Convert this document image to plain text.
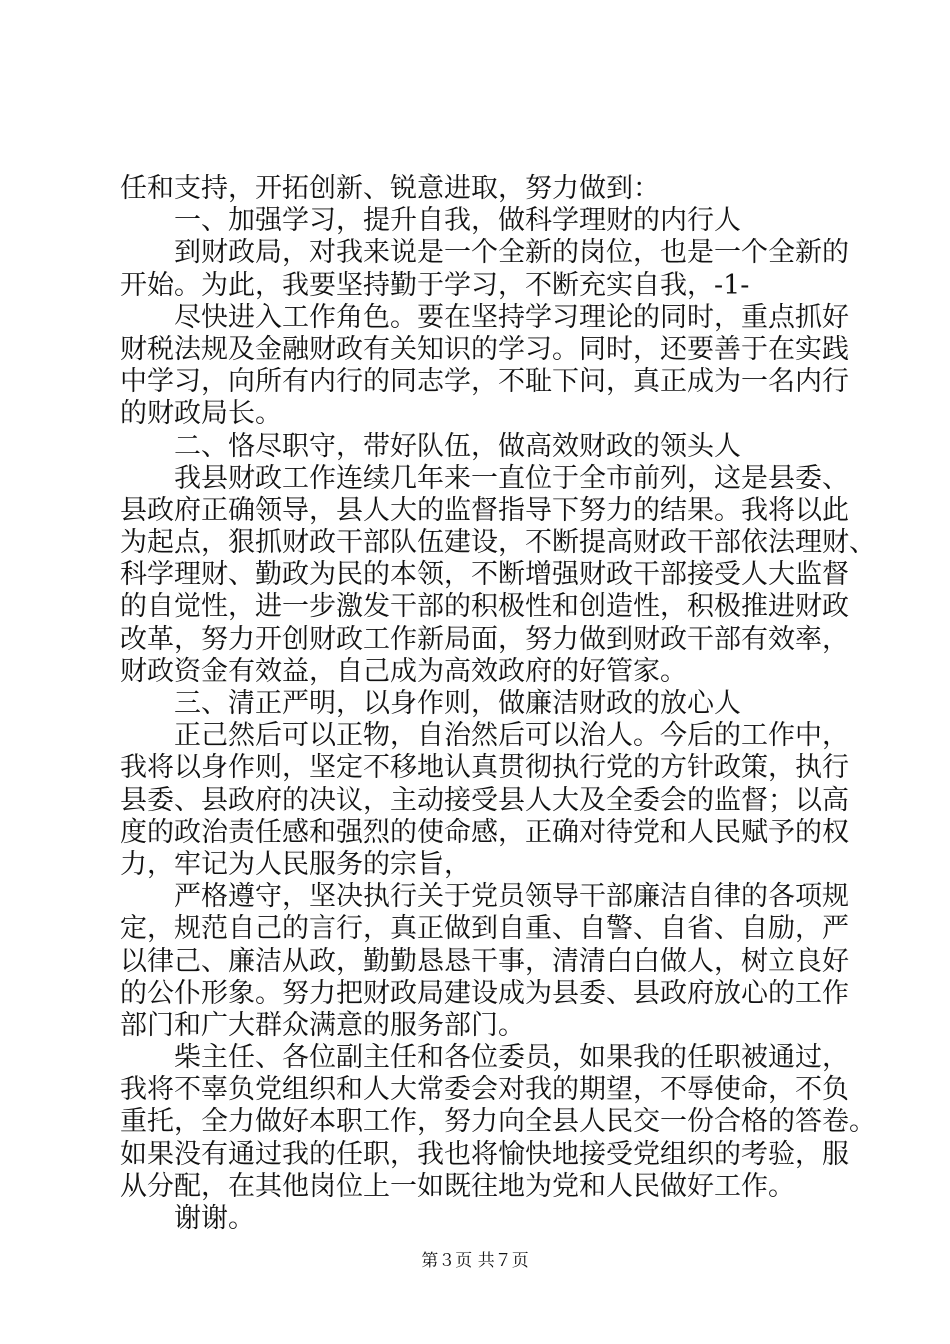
任和支持，开拓创新、锐意进取，努力做到：
　　一、加强学习，提升自我，做科学理财的内行人
　　到财政局，对我来说是一个全新的岗位，也是一个全新的
开始。为此，我要坚持勤于学习，不断充实自我，-1-
　　尽快进入工作角色。要在坚持学习理论的同时，重点抓好
财税法规及金融财政有关知识的学习。同时，还要善于在实践
中学习，向所有内行的同志学，不耻下问，真正成为一名内行
的财政局长。
　　二、恪尽职守，带好队伍，做高效财政的领头人
　　我县财政工作连续几年来一直位于全市前列，这是县委、
县政府正确领导，县人大的监督指导下努力的结果。我将以此
为起点，狠抓财政干部队伍建设，不断提高财政干部依法理财、
科学理财、勤政为民的本领，不断增强财政干部接受人大监督
的自觉性，进一步激发干部的积极性和创造性，积极推进财政
改革，努力开创财政工作新局面，努力做到财政干部有效率，
财政资金有效益，自己成为高效政府的好管家。
　　三、清正严明，以身作则，做廉洁财政的放心人
　　正己然后可以正物，自治然后可以治人。今后的工作中，
我将以身作则，坚定不移地认真贯彻执行党的方针政策，执行
县委、县政府的决议，主动接受县人大及全委会的监督；以高
度的政治责任感和强烈的使命感，正确对待党和人民赋予的权
力，牢记为人民服务的宗旨，
　　严格遵守，坚决执行关于党员领导干部廉洁自律的各项规
定，规范自己的言行，真正做到自重、自警、自省、自励，严
以律己、廉洁从政，勤勤恳恳干事，清清白白做人，树立良好
的公仆形象。努力把财政局建设成为县委、县政府放心的工作
部门和广大群众满意的服务部门。
　　柴主任、各位副主任和各位委员，如果我的任职被通过，
我将不辜负党组织和人大常委会对我的期望，不辱使命，不负
重托，全力做好本职工作，努力向全县人民交一份合格的答卷。
如果没有通过我的任职，我也将愉快地接受党组织的考验，服
从分配，在其他岗位上一如既往地为党和人民做好工作。
　　谢谢。
第３页 共７页
